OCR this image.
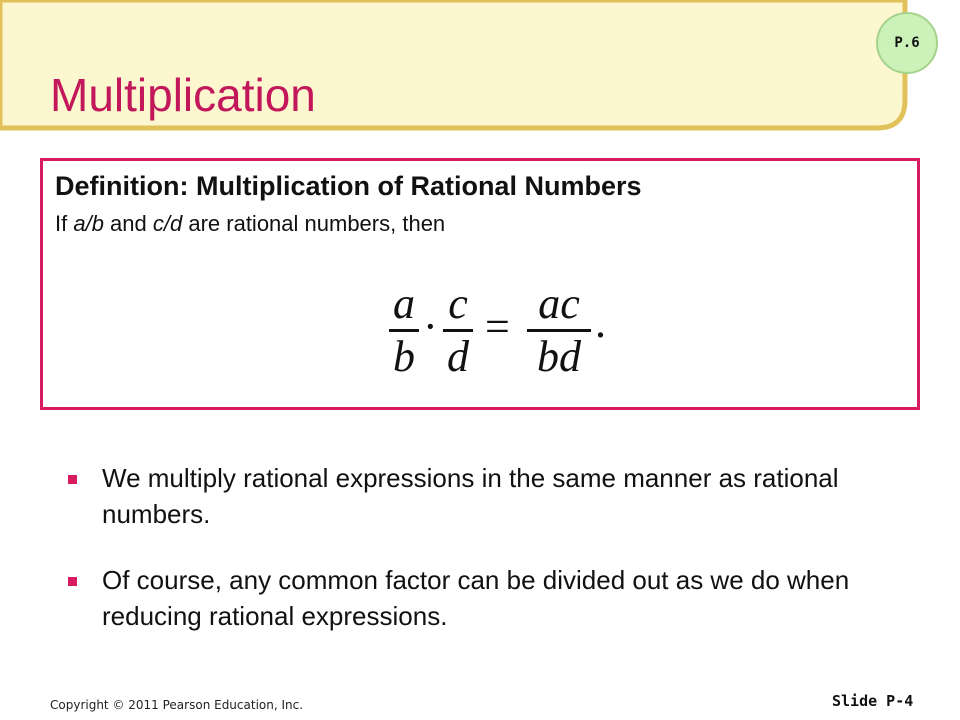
Multiplication
P.6
Definition: Multiplication of Rational Numbers
If a/b and c/d are rational numbers, then
a
b
· c
d
= ac
bd
.
We multiply rational expressions in the same manner as rational numbers.
Of course, any common factor can be divided out as we do when reducing rational expressions.
Copyright © 2011 Pearson Education, Inc.	Slide P-4
